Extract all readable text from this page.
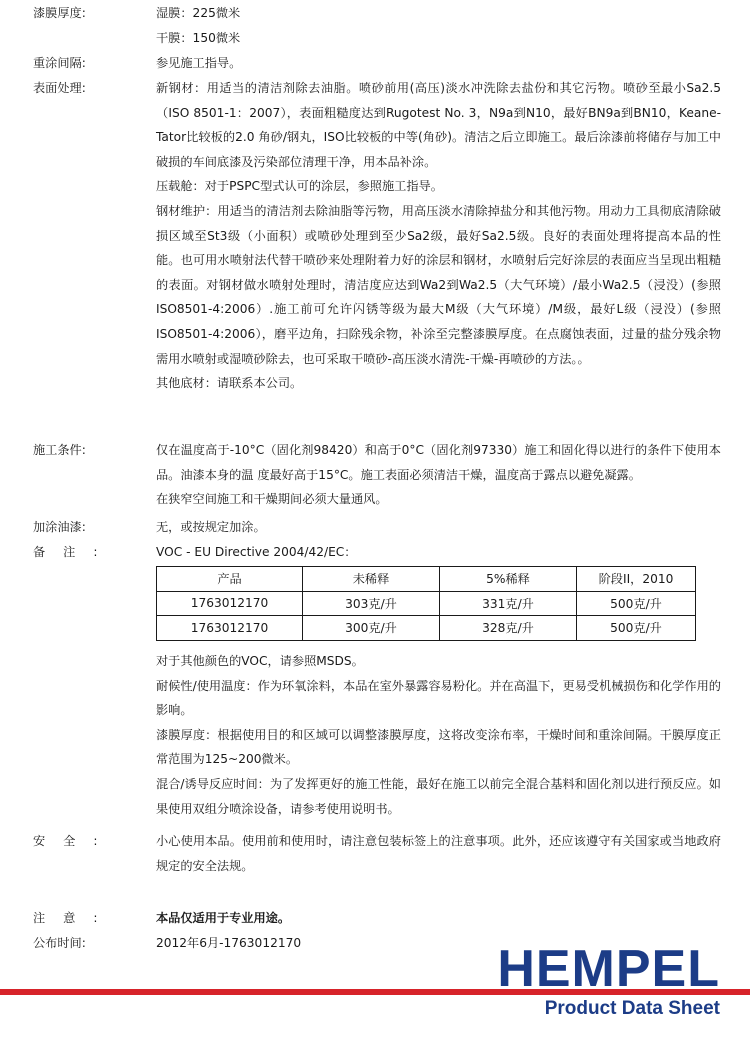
漆膜厚度:	湿膜：225微米

干膜：150微米

重涂间隔:	参见施工指导。

表面处理:	新钢材：用适当的清洁剂除去油脂。喷砂前用(高压)淡水冲洗除去盐份和其它污物。喷砂至最小Sa2.5（ISO 8501-1：2007），表面粗糙度达到Rugotest No. 3，N9a到N10，最好BN9a到BN10，Keane-Tator比较板的2.0 角砂/钢丸，ISO比较板的中等(角砂)。清洁之后立即施工。最后涂漆前将储存与加工中破损的车间底漆及污染部位清理干净，用本品补涂。

压载舱：对于PSPC型式认可的涂层，参照施工指导。

钢材维护：用适当的清洁剂去除油脂等污物，用高压淡水清除掉盐分和其他污物。用动力工具彻底清除破损区域至St3级（小面积）或喷砂处理到至少Sa2级，最好Sa2.5级。良好的表面处理将提高本品的性能。也可用水喷射法代替干喷砂来处理附着力好的涂层和钢材，水喷射后完好涂层的表面应当呈现出粗糙的表面。对钢材做水喷射处理时，清洁度应达到Wa2到Wa2.5（大气环境）/最小Wa2.5（浸没）(参照ISO8501-4:2006）.施工前可允许闪锈等级为最大M级（大气环境）/M级，最好L级（浸没）(参照ISO8501-4:2006），磨平边角，扫除残余物，补涂至完整漆膜厚度。在点腐蚀表面，过量的盐分残余物需用水喷射或湿喷砂除去，也可采取干喷砂-高压淡水清洗-干燥-再喷砂的方法。。

其他底材：请联系本公司。

施工条件:	仅在温度高于-10°C（固化剂98420）和高于0°C（固化剂97330）施工和固化得以进行的条件下使用本品。油漆本身的温 度最好高于15°C。施工表面必须清洁干燥，温度高于露点以避免凝露。

在狭窄空间施工和干燥期间必须大量通风。

加涂油漆:	无，或按规定加涂。

备注:	VOC - EU Directive 2004/42/EC：

产品	未稀释	5%稀释	阶段II，2010
1763012170	303克/升	331克/升	500克/升
1763012170	300克/升	328克/升	500克/升

对于其他颜色的VOC，请参照MSDS。

耐候性/使用温度：作为环氧涂料，本品在室外暴露容易粉化。并在高温下，更易受机械损伤和化学作用的影响。

漆膜厚度：根据使用目的和区域可以调整漆膜厚度，这将改变涂布率，干燥时间和重涂间隔。干膜厚度正常范围为125~200微米。

混合/诱导反应时间：为了发挥更好的施工性能，最好在施工以前完全混合基料和固化剂以进行预反应。如果使用双组分喷涂设备，请参考使用说明书。

安全:	小心使用本品。使用前和使用时，请注意包装标签上的注意事项。此外，还应该遵守有关国家或当地政府规定的安全法规。

注意:	本品仅适用于专业用途。

公布时间:	2012年6月-1763012170	HEMPEL
Product Data Sheet
